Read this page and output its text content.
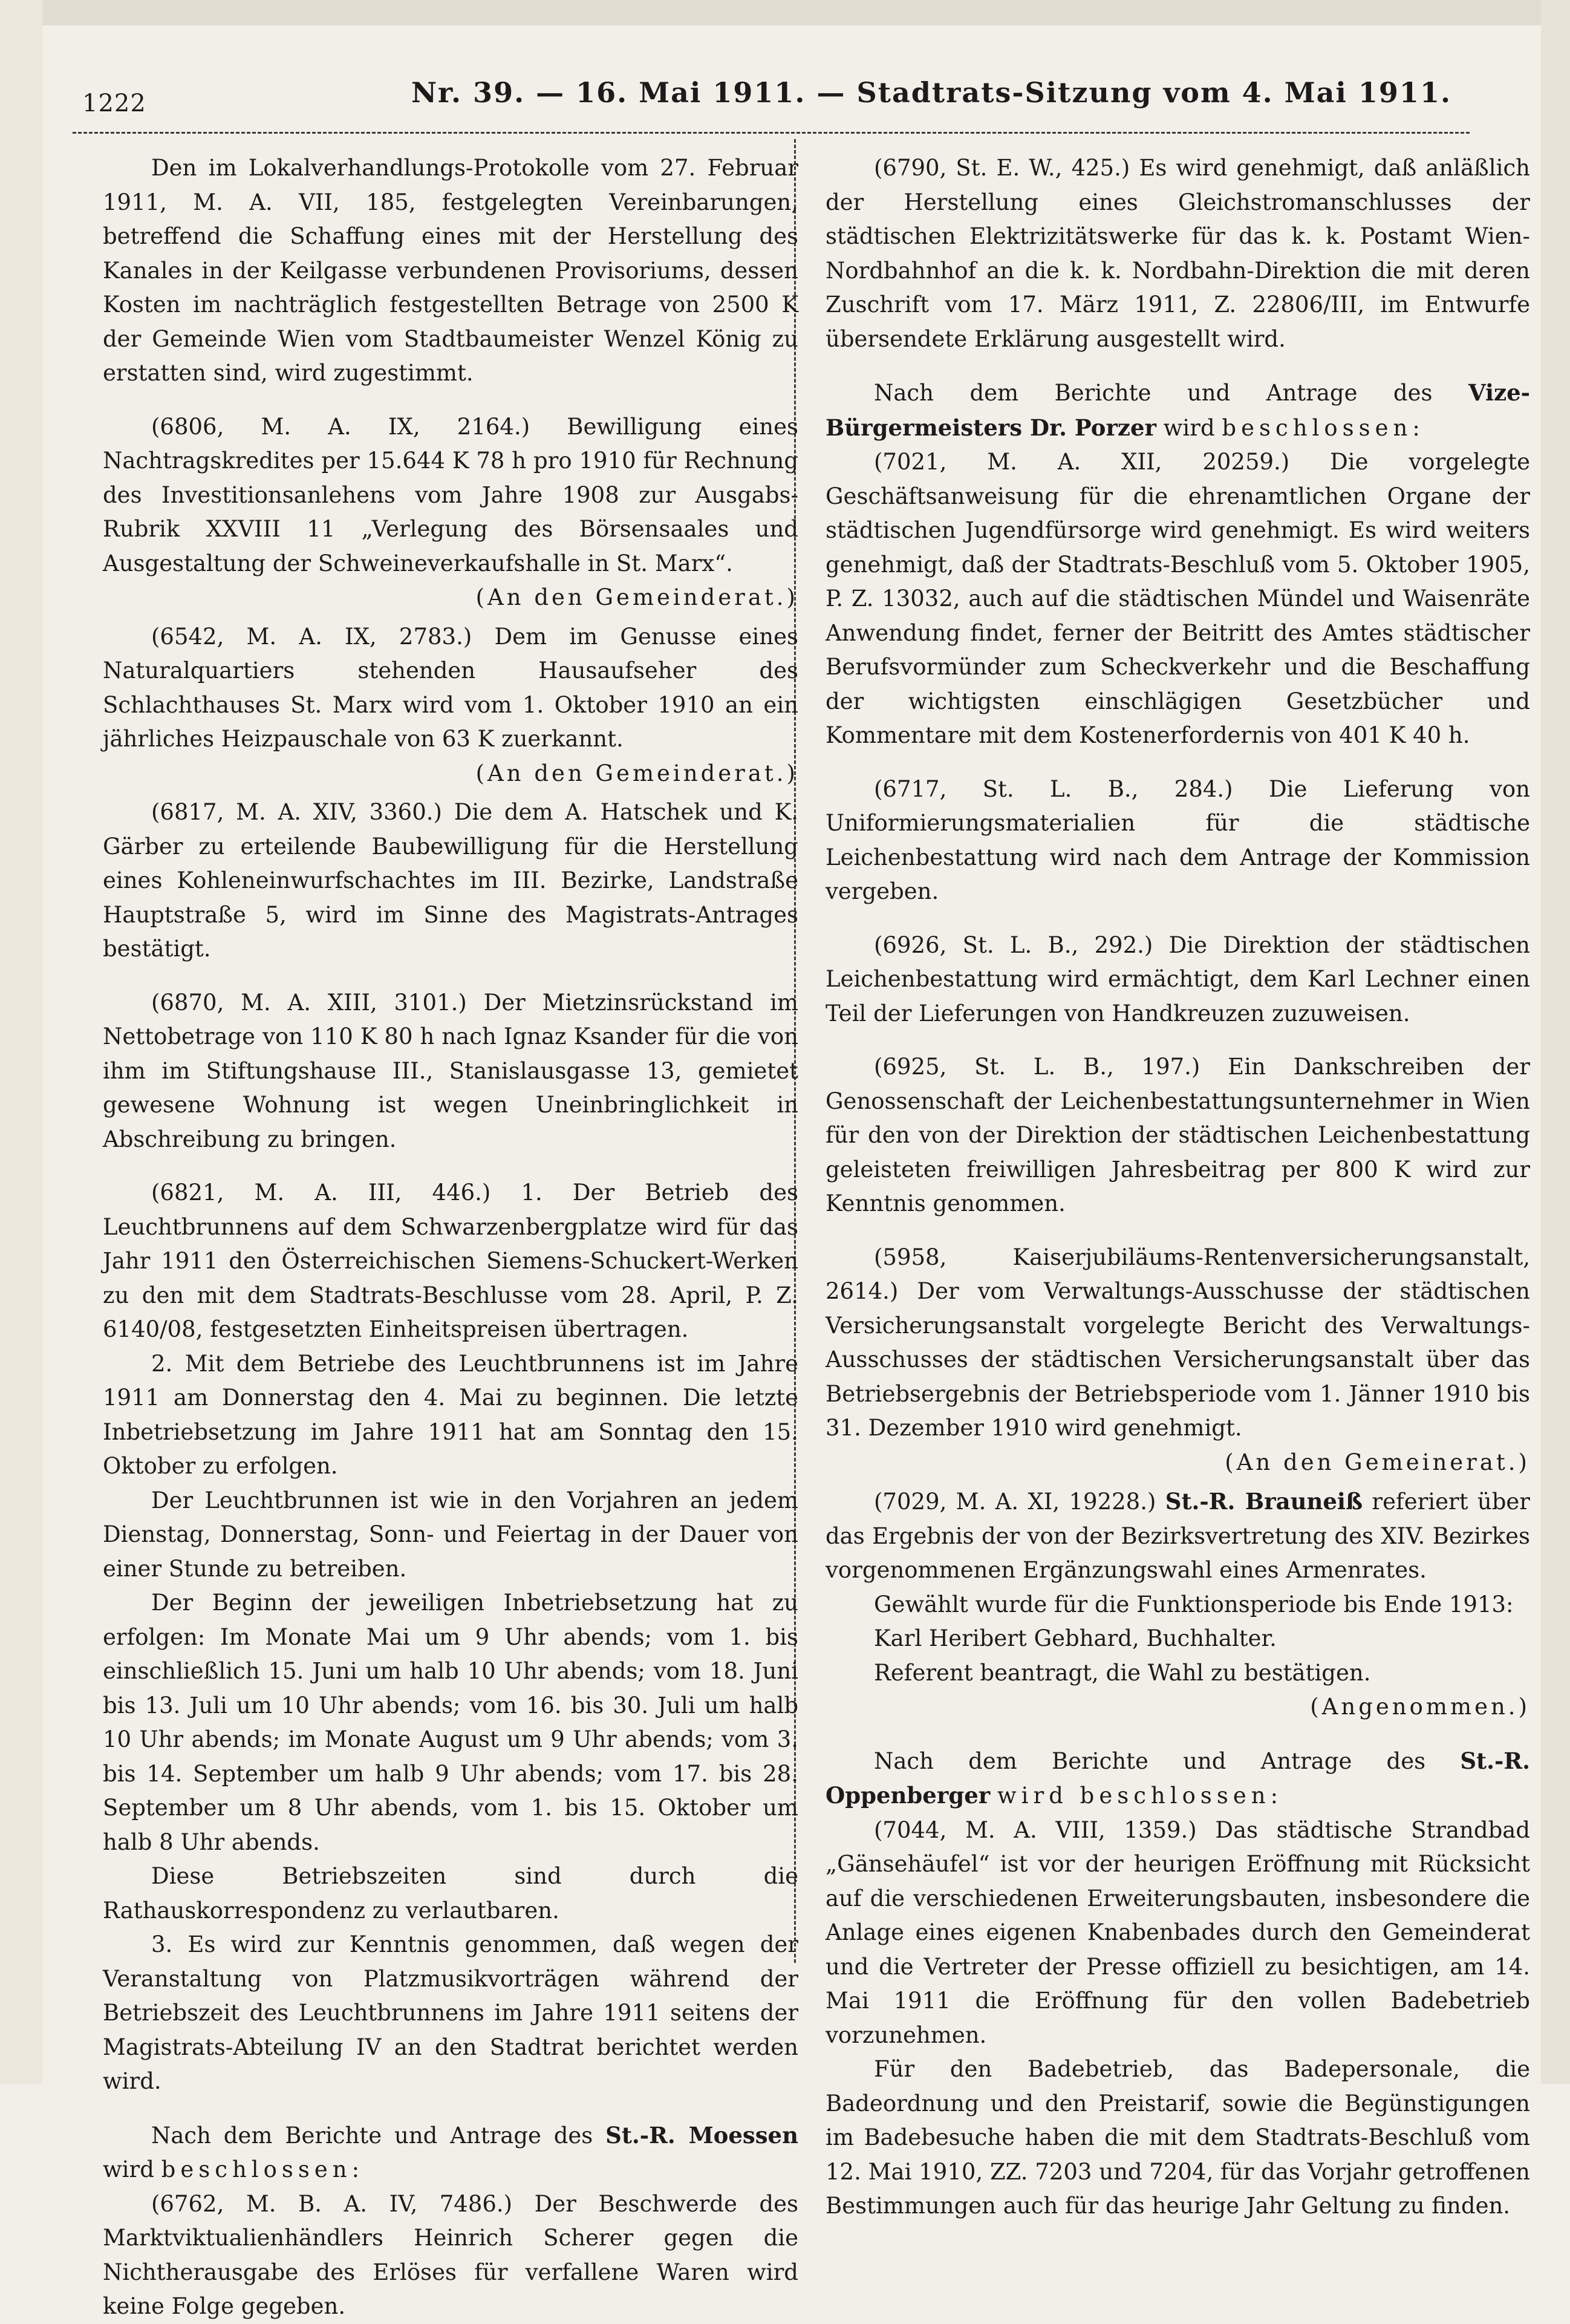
1222	Nr. 39. — 16. Mai 1911. — Stadtrats-Sitzung vom 4. Mai 1911.

Den im Lokalverhandlungs-Protokolle vom 27. Februar 1911, M. A. VII, 185, festgelegten Vereinbarungen, betreffend die Schaffung eines mit der Herstellung des Kanales in der Keilgasse verbundenen Provisoriums, dessen Kosten im nachträglich festgestellten Betrage von 2500 K der Gemeinde Wien vom Stadtbaumeister Wenzel König zu erstatten sind, wird zugestimmt.

(6806, M. A. IX, 2164.) Bewilligung eines Nachtragskredites per 15.644 K 78 h pro 1910 für Rechnung des Investitionsanlehens vom Jahre 1908 zur Ausgabs-Rubrik XXVIII 11 „Verlegung des Börsensaales und Ausgestaltung der Schweineverkaufshalle in St. Marx“.
(An den Gemeinderat.)
(6542, M. A. IX, 2783.) Dem im Genusse eines Naturalquartiers stehenden Hausaufseher des Schlachthauses St. Marx wird vom 1. Oktober 1910 an ein jährliches Heizpauschale von 63 K zuerkannt.
(An den Gemeinderat.)

(6817, M. A. XIV, 3360.) Die dem A. Hatschek und K. Gärber zu erteilende Baubewilligung für die Herstellung eines Kohleneinwurfschachtes im III. Bezirke, Landstraße Hauptstraße 5, wird im Sinne des Magistrats-Antrages bestätigt.

(6870, M. A. XIII, 3101.) Der Mietzinsrückstand im Nettobetrage von 110 K 80 h nach Ignaz Ksander für die von ihm im Stiftungshause III., Stanislausgasse 13, gemietet gewesene Wohnung ist wegen Uneinbringlichkeit in Abschreibung zu bringen.

(6821, M. A. III, 446.) 1. Der Betrieb des Leuchtbrunnens auf dem Schwarzenbergplatze wird für das Jahr 1911 den Österreichischen Siemens-Schuckert-Werken zu den mit dem Stadtrats-Beschlusse vom 28. April, P. Z. 6140/08, festgesetzten Einheitspreisen übertragen.

2. Mit dem Betriebe des Leuchtbrunnens ist im Jahre 1911 am Donnerstag den 4. Mai zu beginnen. Die letzte Inbetriebsetzung im Jahre 1911 hat am Sonntag den 15. Oktober zu erfolgen.

Der Leuchtbrunnen ist wie in den Vorjahren an jedem Dienstag, Donnerstag, Sonn- und Feiertag in der Dauer von einer Stunde zu betreiben.

Der Beginn der jeweiligen Inbetriebsetzung hat zu erfolgen: Im Monate Mai um 9 Uhr abends; vom 1. bis einschließlich 15. Juni um halb 10 Uhr abends; vom 18. Juni bis 13. Juli um 10 Uhr abends; vom 16. bis 30. Juli um halb 10 Uhr abends; im Monate August um 9 Uhr abends; vom 3. bis 14. September um halb 9 Uhr abends; vom 17. bis 28. September um 8 Uhr abends, vom 1. bis 15. Oktober um halb 8 Uhr abends.

Diese Betriebszeiten sind durch die Rathauskorrespondenz zu verlautbaren.

3. Es wird zur Kenntnis genommen, daß wegen der Veranstaltung von Platzmusikvorträgen während der Betriebszeit des Leuchtbrunnens im Jahre 1911 seitens der Magistrats-Abteilung IV an den Stadtrat berichtet werden wird.

Nach dem Berichte und Antrage des St.-R. Moessen wird beschlossen:

(6762, M. B. A. IV, 7486.) Der Beschwerde des Marktviktualienhändlers Heinrich Scherer gegen die Nichtherausgabe des Erlöses für verfallene Waren wird keine Folge gegeben.

(6790, St. E. W., 425.) Es wird genehmigt, daß anläßlich der Herstellung eines Gleichstromanschlusses der städtischen Elektrizitätswerke für das k. k. Postamt Wien-Nordbahnhof an die k. k. Nordbahn-Direktion die mit deren Zuschrift vom 17. März 1911, Z. 22806/III, im Entwurfe übersendete Erklärung ausgestellt wird.

Nach dem Berichte und Antrage des Vize-Bürgermeisters Dr. Porzer wird beschlossen:

(7021, M. A. XII, 20259.) Die vorgelegte Geschäftsanweisung für die ehrenamtlichen Organe der städtischen Jugendfürsorge wird genehmigt. Es wird weiters genehmigt, daß der Stadtrats-Beschluß vom 5. Oktober 1905, P. Z. 13032, auch auf die städtischen Mündel und Waisenräte Anwendung findet, ferner der Beitritt des Amtes städtischer Berufsvormünder zum Scheckverkehr und die Beschaffung der wichtigsten einschlägigen Gesetzbücher und Kommentare mit dem Kostenerfordernis von 401 K 40 h.

(6717, St. L. B., 284.) Die Lieferung von Uniformierungsmaterialien für die städtische Leichenbestattung wird nach dem Antrage der Kommission vergeben.

(6926, St. L. B., 292.) Die Direktion der städtischen Leichenbestattung wird ermächtigt, dem Karl Lechner einen Teil der Lieferungen von Handkreuzen zuzuweisen.

(6925, St. L. B., 197.) Ein Dankschreiben der Genossenschaft der Leichenbestattungsunternehmer in Wien für den von der Direktion der städtischen Leichenbestattung geleisteten freiwilligen Jahresbeitrag per 800 K wird zur Kenntnis genommen.

(5958, Kaiserjubiläums-Rentenversicherungsanstalt, 2614.) Der vom Verwaltungs-Ausschusse der städtischen Versicherungsanstalt vorgelegte Bericht des Verwaltungs-Ausschusses der städtischen Versicherungsanstalt über das Betriebsergebnis der Betriebsperiode vom 1. Jänner 1910 bis 31. Dezember 1910 wird genehmigt.
(An den Gemeinerat.)

(7029, M. A. XI, 19228.) St.-R. Brauneiß referiert über das Ergebnis der von der Bezirksvertretung des XIV. Bezirkes vorgenommenen Ergänzungswahl eines Armenrates.

Gewählt wurde für die Funktionsperiode bis Ende 1913:

Karl Heribert Gebhard, Buchhalter.

Referent beantragt, die Wahl zu bestätigen.

(Angenommen.)

Nach dem Berichte und Antrage des St.-R. Oppenberger wird beschlossen:

(7044, M. A. VIII, 1359.) Das städtische Strandbad „Gänsehäufel“ ist vor der heurigen Eröffnung mit Rücksicht auf die verschiedenen Erweiterungsbauten, insbesondere die Anlage eines eigenen Knabenbades durch den Gemeinderat und die Vertreter der Presse offiziell zu besichtigen, am 14. Mai 1911 die Eröffnung für den vollen Badebetrieb vorzunehmen.

Für den Badebetrieb, das Badepersonale, die Badeordnung und den Preistarif, sowie die Begünstigungen im Badebesuche haben die mit dem Stadtrats-Beschluß vom 12. Mai 1910, ZZ. 7203 und 7204, für das Vorjahr getroffenen Bestimmungen auch für das heurige Jahr Geltung zu finden.
